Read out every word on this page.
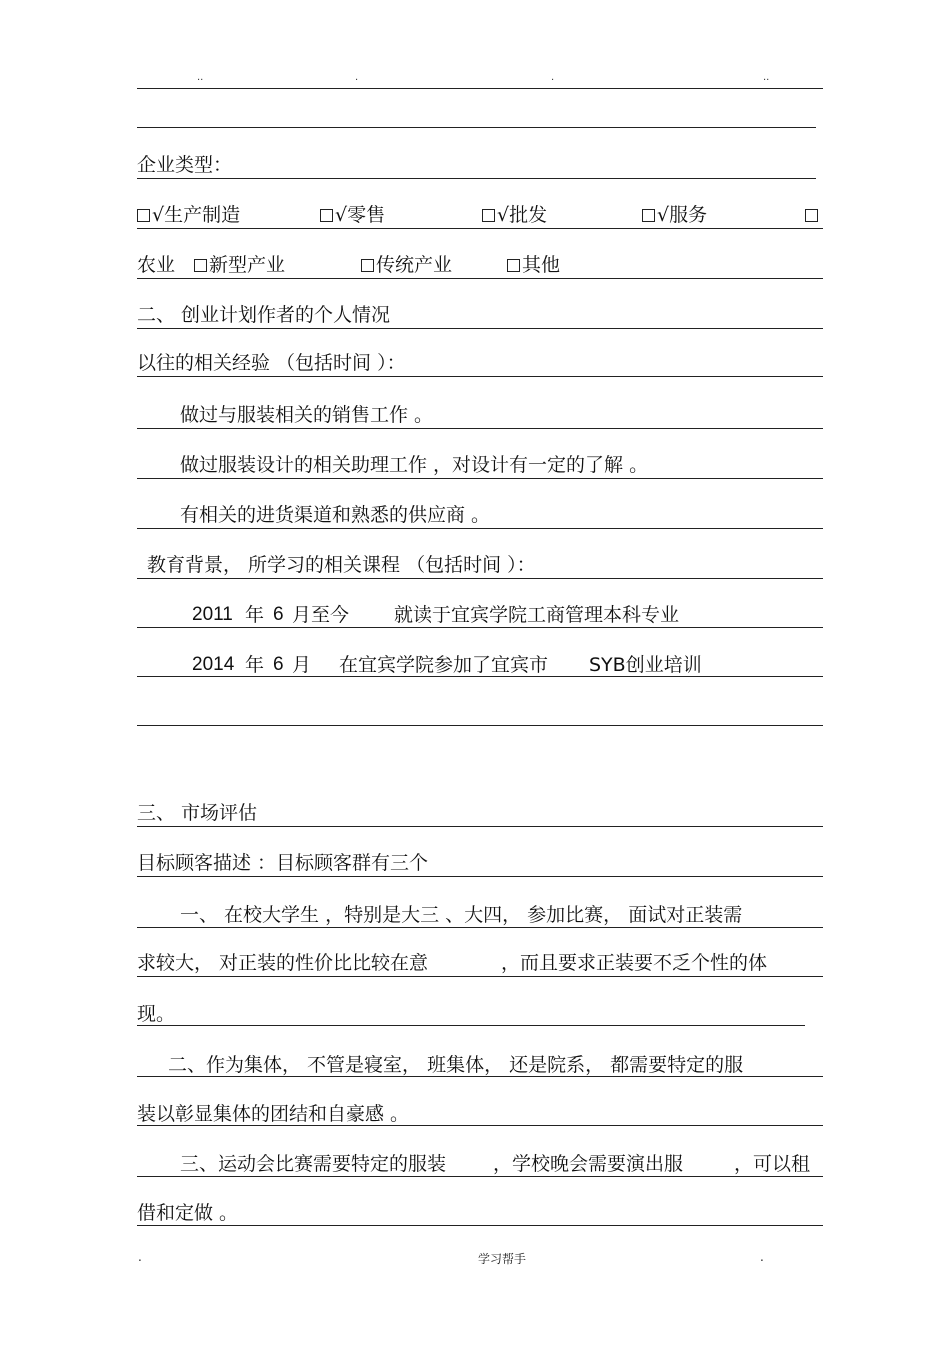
..	.	.	..
企业类型：
√生产制造	√零售	√批发	√服务
农业	新型产业	传统产业	其他
二、 创业计划作者的个人情况
以往的相关经验 （包括时间 ）：
做过与服装相关的销售工作 。
做过服装设计的相关助理工作 ，对设计有一定的了解 。
有相关的进货渠道和熟悉的供应商 。
教育背景， 所学习的相关课程 （包括时间 ）：
2011 年 6 月至今 就读于宜宾学院工商管理本科专业
2014 年 6 月 在宜宾学院参加了宜宾市 SYB创业培训
三、 市场评估
目标顾客描述 ：目标顾客群有三个
一、 在校大学生 ，特别是大三 、大四， 参加比赛， 面试对正装需
求较大， 对正装的性价比比较在意	，而且要求正装要不乏个性的体
现。
二、作为集体， 不管是寝室， 班集体， 还是院系， 都需要特定的服
装以彰显集体的团结和自豪感 。
三、运动会比赛需要特定的服装 ，学校晚会需要演出服	，可以租
借和定做 。
.	学习帮手	.
